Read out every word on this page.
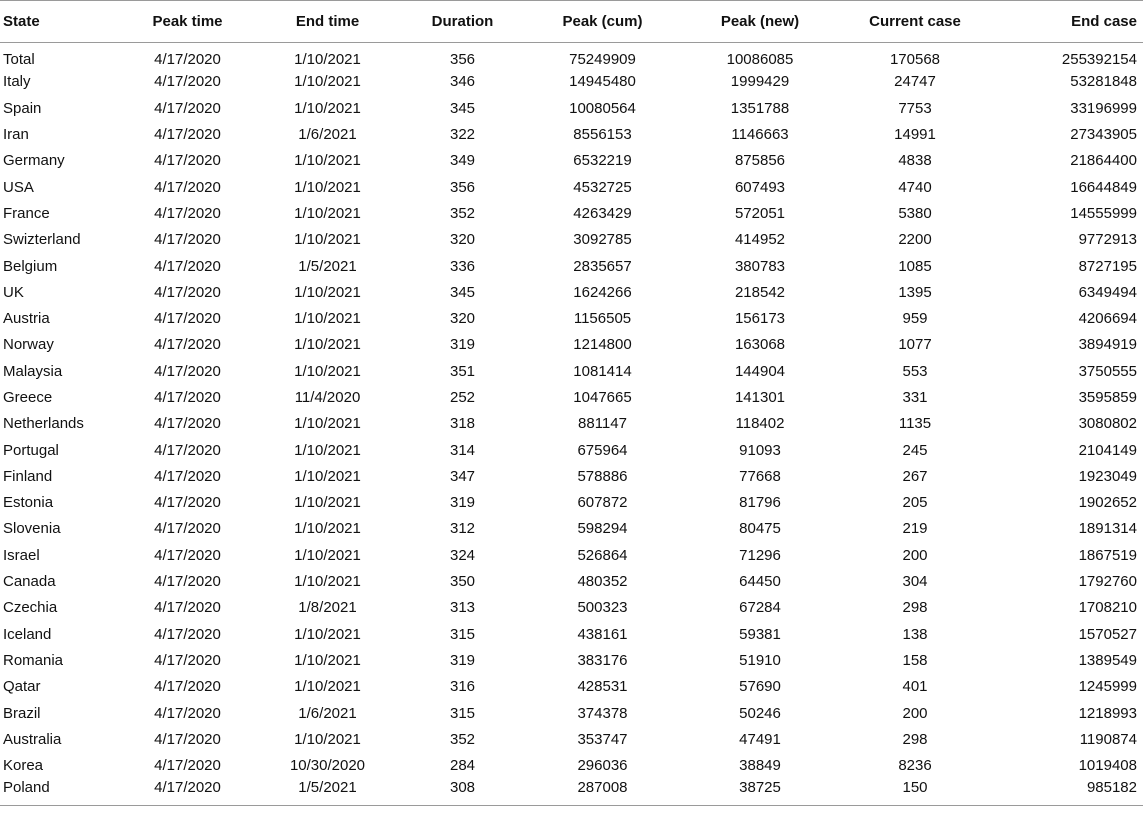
State	Peak time	End time	Duration	Peak (cum)	Peak (new)	Current case	End case
Total	4/17/2020	1/10/2021	356	75249909	10086085	170568	255392154
Italy	4/17/2020	1/10/2021	346	14945480	1999429	24747	53281848
Spain	4/17/2020	1/10/2021	345	10080564	1351788	7753	33196999
Iran	4/17/2020	1/6/2021	322	8556153	1146663	14991	27343905
Germany	4/17/2020	1/10/2021	349	6532219	875856	4838	21864400
USA	4/17/2020	1/10/2021	356	4532725	607493	4740	16644849
France	4/17/2020	1/10/2021	352	4263429	572051	5380	14555999
Swizterland	4/17/2020	1/10/2021	320	3092785	414952	2200	9772913
Belgium	4/17/2020	1/5/2021	336	2835657	380783	1085	8727195
UK	4/17/2020	1/10/2021	345	1624266	218542	1395	6349494
Austria	4/17/2020	1/10/2021	320	1156505	156173	959	4206694
Norway	4/17/2020	1/10/2021	319	1214800	163068	1077	3894919
Malaysia	4/17/2020	1/10/2021	351	1081414	144904	553	3750555
Greece	4/17/2020	11/4/2020	252	1047665	141301	331	3595859
Netherlands	4/17/2020	1/10/2021	318	881147	118402	1135	3080802
Portugal	4/17/2020	1/10/2021	314	675964	91093	245	2104149
Finland	4/17/2020	1/10/2021	347	578886	77668	267	1923049
Estonia	4/17/2020	1/10/2021	319	607872	81796	205	1902652
Slovenia	4/17/2020	1/10/2021	312	598294	80475	219	1891314
Israel	4/17/2020	1/10/2021	324	526864	71296	200	1867519
Canada	4/17/2020	1/10/2021	350	480352	64450	304	1792760
Czechia	4/17/2020	1/8/2021	313	500323	67284	298	1708210
Iceland	4/17/2020	1/10/2021	315	438161	59381	138	1570527
Romania	4/17/2020	1/10/2021	319	383176	51910	158	1389549
Qatar	4/17/2020	1/10/2021	316	428531	57690	401	1245999
Brazil	4/17/2020	1/6/2021	315	374378	50246	200	1218993
Australia	4/17/2020	1/10/2021	352	353747	47491	298	1190874
Korea	4/17/2020	10/30/2020	284	296036	38849	8236	1019408
Poland	4/17/2020	1/5/2021	308	287008	38725	150	985182
